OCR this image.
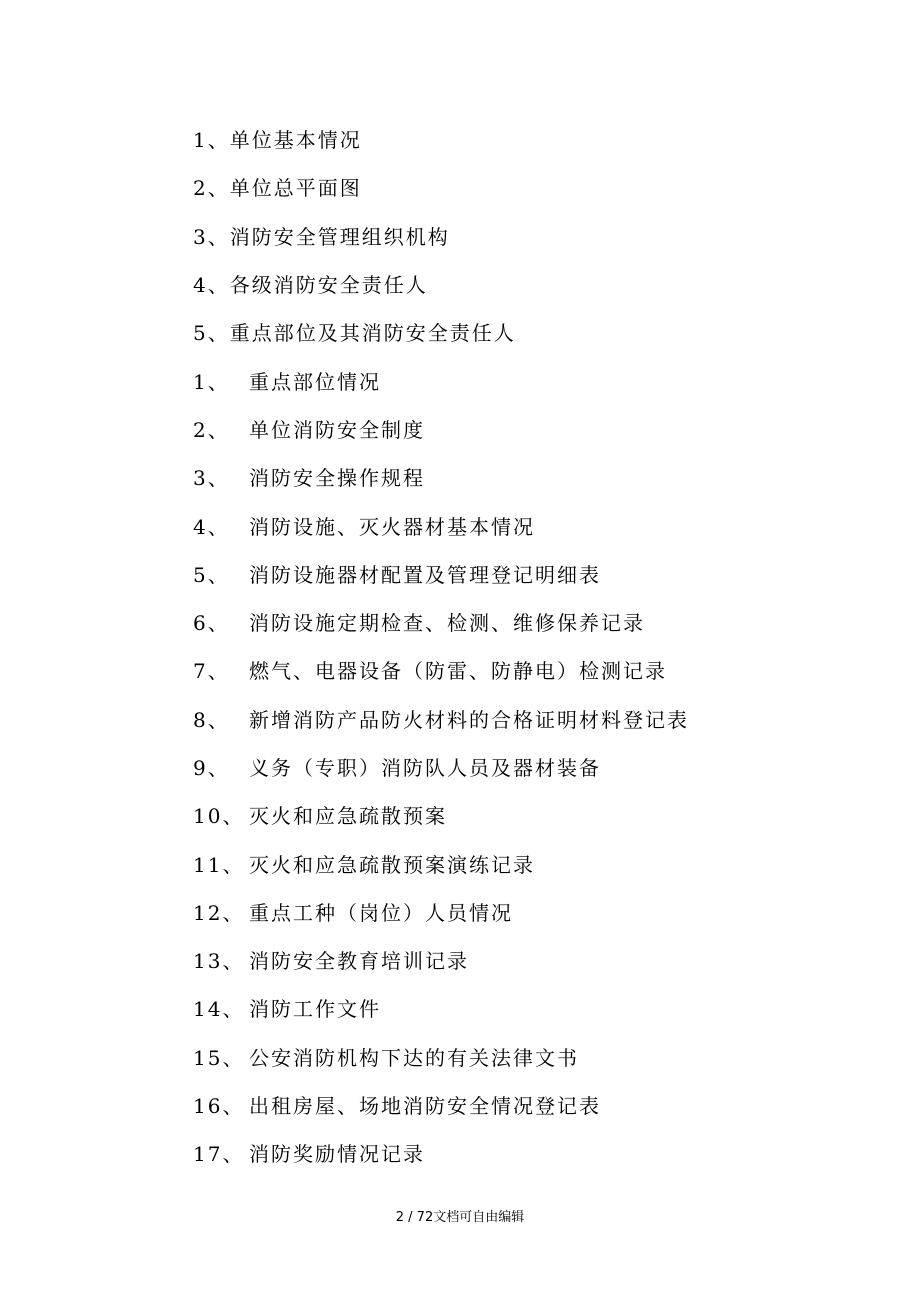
1、 单位基本情况
2、 单位总平面图
3、 消防安全管理组织机构
4、 各级消防安全责任人
5、 重点部位及其消防安全责任人
1、 重点部位情况
2、 单位消防安全制度
3、 消防安全操作规程
4、 消防设施、灭火器材基本情况
5、 消防设施器材配置及管理登记明细表
6、 消防设施定期检查、检测、维修保养记录
7、 燃气、电器设备（防雷、防静电）检测记录
8、 新增消防产品防火材料的合格证明材料登记表
9、 义务（专职）消防队人员及器材装备
10、 灭火和应急疏散预案
11、 灭火和应急疏散预案演练记录
12、 重点工种（岗位）人员情况
13、 消防安全教育培训记录
14、 消防工作文件
15、 公安消防机构下达的有关法律文书
16、 出租房屋、场地消防安全情况登记表
17、 消防奖励情况记录
2 / 72文档可自由编辑
